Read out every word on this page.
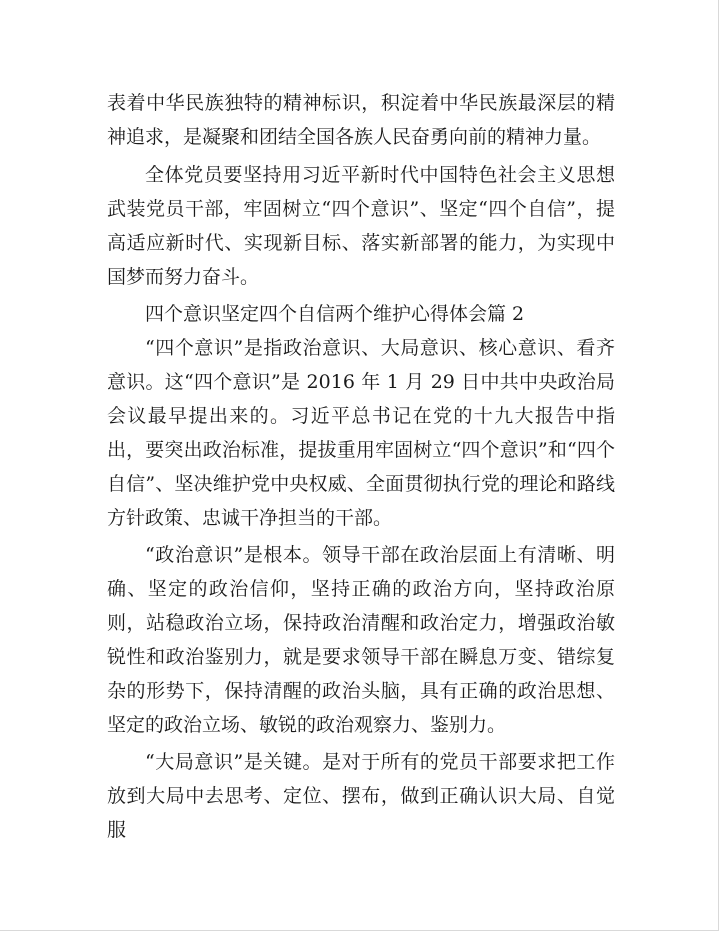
表着中华民族独特的精神标识，积淀着中华民族最深层的精神追求，是凝聚和团结全国各族人民奋勇向前的精神力量。

全体党员要坚持用习近平新时代中国特色社会主义思想武装党员干部，牢固树立“四个意识”、坚定“四个自信”，提高适应新时代、实现新目标、落实新部署的能力，为实现中国梦而努力奋斗。

四个意识坚定四个自信两个维护心得体会篇 2

“四个意识”是指政治意识、大局意识、核心意识、看齐意识。这“四个意识”是 2016 年 1 月 29 日中共中央政治局会议最早提出来的。习近平总书记在党的十九大报告中指出，要突出政治标准，提拔重用牢固树立“四个意识”和“四个自信”、坚决维护党中央权威、全面贯彻执行党的理论和路线方针政策、忠诚干净担当的干部。

“政治意识”是根本。领导干部在政治层面上有清晰、明确、坚定的政治信仰，坚持正确的政治方向，坚持政治原则，站稳政治立场，保持政治清醒和政治定力，增强政治敏锐性和政治鉴别力，就是要求领导干部在瞬息万变、错综复杂的形势下，保持清醒的政治头脑，具有正确的政治思想、坚定的政治立场、敏锐的政治观察力、鉴别力。

“大局意识”是关键。是对于所有的党员干部要求把工作放到大局中去思考、定位、摆布，做到正确认识大局、自觉服
